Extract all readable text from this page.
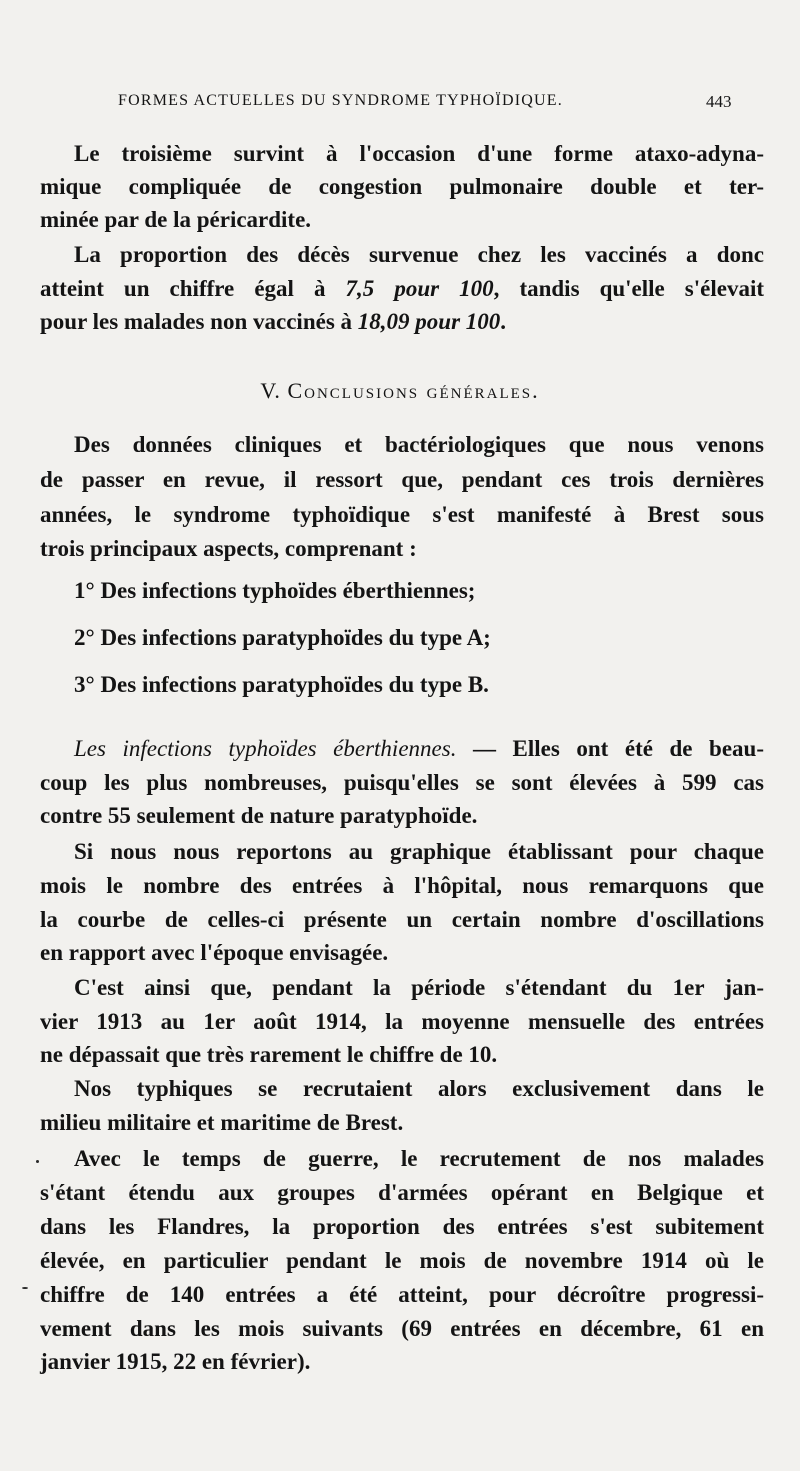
FORMES ACTUELLES DU SYNDROME TYPHOÏDIQUE.	443
Le troisième survint à l'occasion d'une forme ataxo-adyna-
mique compliquée de congestion pulmonaire double et ter-
minée par de la péricardite.
La proportion des décès survenue chez les vaccinés a donc
atteint un chiffre égal à 7,5 pour 100, tandis qu'elle s'élevait
pour les malades non vaccinés à 18,09 pour 100.
V. Conclusions générales.
Des données cliniques et bactériologiques que nous venons
de passer en revue, il ressort que, pendant ces trois dernières
années, le syndrome typhoïdique s'est manifesté à Brest sous
trois principaux aspects, comprenant :
1° Des infections typhoïdes éberthiennes;
2° Des infections paratyphoïdes du type A;
3° Des infections paratyphoïdes du type B.
Les infections typhoïdes éberthiennes. — Elles ont été de beau-
coup les plus nombreuses, puisqu'elles se sont élevées à 599 cas
contre 55 seulement de nature paratyphoïde.
Si nous nous reportons au graphique établissant pour chaque
mois le nombre des entrées à l'hôpital, nous remarquons que
la courbe de celles-ci présente un certain nombre d'oscillations
en rapport avec l'époque envisagée.
C'est ainsi que, pendant la période s'étendant du 1er jan-
vier 1913 au 1er août 1914, la moyenne mensuelle des entrées
ne dépassait que très rarement le chiffre de 10.
Nos typhiques se recrutaient alors exclusivement dans le
milieu militaire et maritime de Brest.
Avec le temps de guerre, le recrutement de nos malades
s'étant étendu aux groupes d'armées opérant en Belgique et
dans les Flandres, la proportion des entrées s'est subitement
élevée, en particulier pendant le mois de novembre 1914 où le
chiffre de 140 entrées a été atteint, pour décroître progressi-
vement dans les mois suivants (69 entrées en décembre, 61 en
janvier 1915, 22 en février).
